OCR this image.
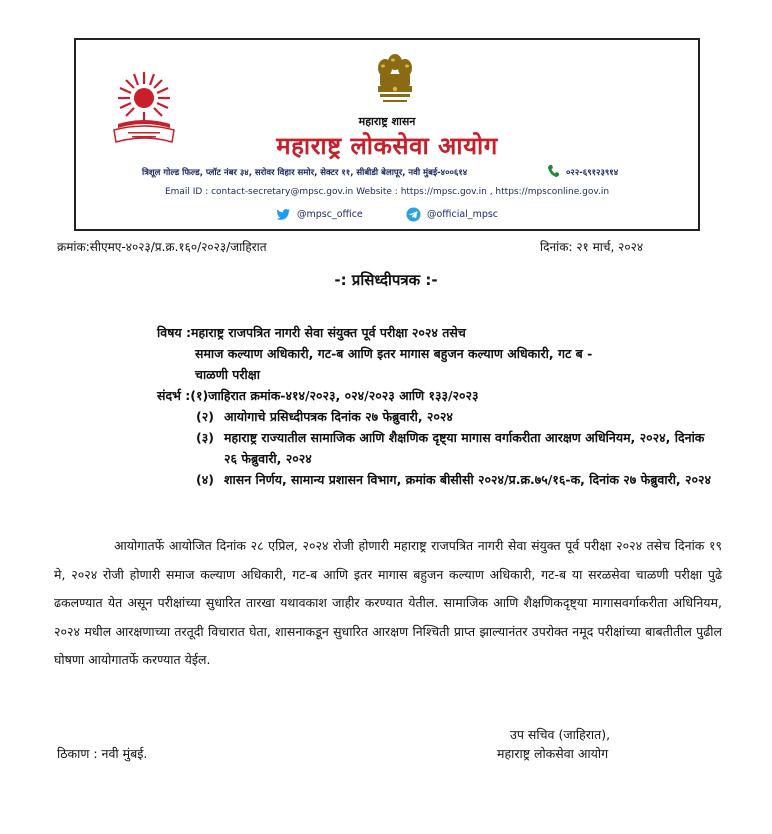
महाराष्ट्र शासन
महाराष्ट्र लोकसेवा आयोग
त्रिशूल गोल्ड फिल्ड, प्लॉट नंबर ३४, सरोवर विहार समोर, सेक्टर ११, सीबीडी बेलापूर, नवी मुंबई-४००६१४	०२२-६९१२३९१४
Email ID : contact-secretary@mpsc.gov.in Website : https://mpsc.gov.in , https://mpsconline.gov.in
@mpsc_office	@official_mpsc
क्रमांक:सीएमए-४०२३/प्र.क्र.१६०/२०२३/जाहिरात	दिनांक: २१ मार्च, २०२४
-: प्रसिध्दीपत्रक :-
विषय : महाराष्ट्र राजपत्रित नागरी सेवा संयुक्त पूर्व परीक्षा २०२४ तसेच
समाज कल्याण अधिकारी, गट-ब आणि इतर मागास बहुजन कल्याण अधिकारी, गट ब -
चाळणी परीक्षा
संदर्भ : (१) जाहिरात क्रमांक-४१४/२०२३, ०२४/२०२३ आणि १३३/२०२३
(२) आयोगाचे प्रसिध्दीपत्रक दिनांक २७ फेब्रुवारी, २०२४
(३) महाराष्ट्र राज्यातील सामाजिक आणि शैक्षणिक दृष्ट्या मागास वर्गाकरीता आरक्षण अधिनियम, २०२४, दिनांक २६ फेब्रुवारी, २०२४
(४) शासन निर्णय, सामान्य प्रशासन विभाग, क्रमांक बीसीसी २०२४/प्र.क्र.७५/१६-क, दिनांक २७ फेब्रुवारी, २०२४
आयोगातर्फे आयोजित दिनांक २८ एप्रिल, २०२४ रोजी होणारी महाराष्ट्र राजपत्रित नागरी सेवा संयुक्त पूर्व परीक्षा २०२४ तसेच दिनांक १९ मे, २०२४ रोजी होणारी समाज कल्याण अधिकारी, गट-ब आणि इतर मागास बहुजन कल्याण अधिकारी, गट-ब या सरळसेवा चाळणी परीक्षा पुढे ढकलण्यात येत असून परीक्षांच्या सुधारित तारखा यथावकाश जाहीर करण्यात येतील. सामाजिक आणि शैक्षणिकदृष्ट्या मागासवर्गाकरीता अधिनियम, २०२४ मधील आरक्षणाच्या तरतूदी विचारात घेता, शासनाकडून सुधारित आरक्षण निश्चिती प्राप्त झाल्यानंतर उपरोक्त नमूद परीक्षांच्या बाबतीतील पुढील घोषणा आयोगातर्फे करण्यात येईल.
उप सचिव (जाहिरात),
महाराष्ट्र लोकसेवा आयोग
ठिकाण : नवी मुंबई.
